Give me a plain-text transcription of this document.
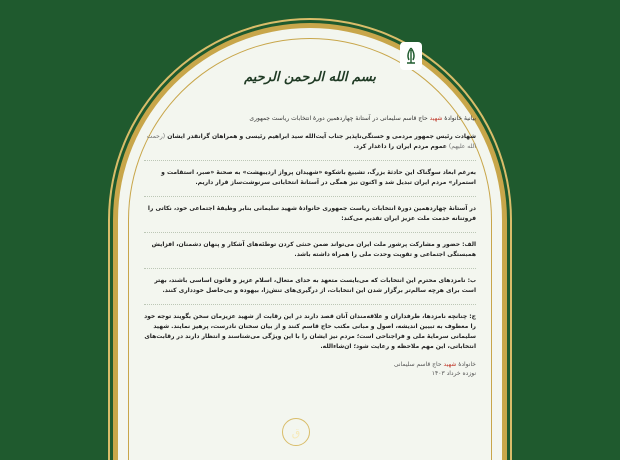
بسم الله الرحمن الرحیم
بیانیهٔ خانوادهٔ شهید حاج قاسم سلیمانی در آستانهٔ چهاردهمین دورهٔ انتخابات ریاست جمهوری

شهادت رئیس جمهور مردمی و خستگی‌ناپذیر جناب آیت‌الله سید ابراهیم رئیسی و همراهان گرانقدر ایشان (رحمت الله علیهم) عموم مردم ایران را داغدار کرد.

به‌رغم ابعاد سوگناک این حادثهٔ بزرگ، تشییع باشکوه «شهیدان پرواز اردیبهشت» به صحنهٔ «صبر، استقامت و استمرار» مردم ایران تبدیل شد و اکنون نیز همگی در آستانهٔ انتخاباتی سرنوشت‌ساز قرار داریم.

در آستانهٔ چهاردهمین دورهٔ انتخابات ریاست جمهوری خانوادهٔ شهید سلیمانی بنابر وظیفهٔ اجتماعی خود، نکاتی را فروتنانه خدمت ملت عزیز ایران تقدیم می‌کند:

الف: حضور و مشارکت پرشور ملت ایران می‌تواند ضمن خنثی کردن توطئه‌های آشکار و پنهان دشمنان، افزایش همبستگی اجتماعی و تقویت وحدت ملی را همراه داشته باشد.

ب: نامزدهای محترم این انتخابات که می‌بایست متعهد به خدای متعال، اسلام عزیز و قانون اساسی باشند، بهتر است برای هرچه سالم‌تر برگزار شدن این انتخابات، از درگیری‌های تنش‌زا، بیهوده و بی‌حاصل خودداری کنند.

ج: چنانچه نامزدها، طرفداران و علاقه‌مندان آنان قصد دارند در این رقابت از شهید عزیزمان سخن بگویند توجه خود را معطوف به تبیین اندیشه، اصول و مبانی مکتب حاج قاسم کنند و از بیان سخنان نادرست، پرهیز نمایند. شهید سلیمانی سرمایهٔ ملی و فراجناحی است؛ مردم نیز ایشان را با این ویژگی می‌شناسند و انتظار دارند در رقابت‌های انتخاباتی، این مهم ملاحظه و رعایت شود؛ ان‌شاءالله.

خانوادهٔ شهید حاج قاسم سلیمانی
نوزده خرداد ۱۴۰۳
ق
